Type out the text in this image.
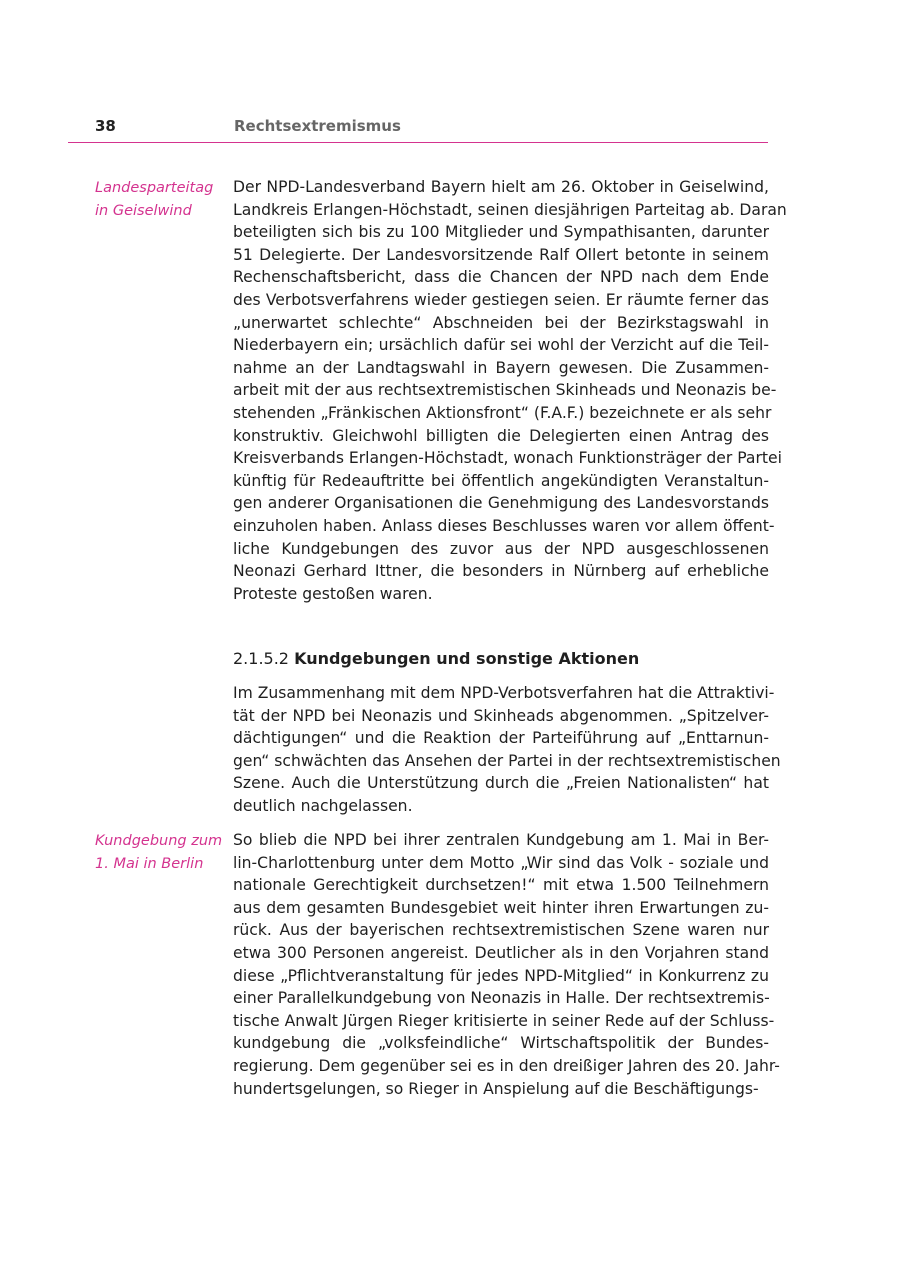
38	Rechtsextremismus
Landesparteitag
in Geiselwind
Der NPD-Landesverband Bayern hielt am 26. Oktober in Geiselwind,
Landkreis Erlangen-Höchstadt, seinen diesjährigen Parteitag ab. Daran
beteiligten sich bis zu 100 Mitglieder und Sympathisanten, darunter
51 Delegierte. Der Landesvorsitzende Ralf Ollert betonte in seinem
Rechenschaftsbericht, dass die Chancen der NPD nach dem Ende
des Verbotsverfahrens wieder gestiegen seien. Er räumte ferner das
„unerwartet schlechte“ Abschneiden bei der Bezirkstagswahl in
Niederbayern ein; ursächlich dafür sei wohl der Verzicht auf die Teil-
nahme an der Landtagswahl in Bayern gewesen. Die Zusammen-
arbeit mit der aus rechtsextremistischen Skinheads und Neonazis be-
stehenden „Fränkischen Aktionsfront“ (F.A.F.) bezeichnete er als sehr
konstruktiv. Gleichwohl billigten die Delegierten einen Antrag des
Kreisverbands Erlangen-Höchstadt, wonach Funktionsträger der Partei
künftig für Redeauftritte bei öffentlich angekündigten Veranstaltun-
gen anderer Organisationen die Genehmigung des Landesvorstands
einzuholen haben. Anlass dieses Beschlusses waren vor allem öffent-
liche Kundgebungen des zuvor aus der NPD ausgeschlossenen
Neonazi Gerhard Ittner, die besonders in Nürnberg auf erhebliche
Proteste gestoßen waren.
2.1.5.2 Kundgebungen und sonstige Aktionen
Im Zusammenhang mit dem NPD-Verbotsverfahren hat die Attraktivi-
tät der NPD bei Neonazis und Skinheads abgenommen. „Spitzelver-
dächtigungen“ und die Reaktion der Parteiführung auf „Enttarnun-
gen“ schwächten das Ansehen der Partei in der rechtsextremistischen
Szene. Auch die Unterstützung durch die „Freien Nationalisten“ hat
deutlich nachgelassen.
Kundgebung zum
1. Mai in Berlin
So blieb die NPD bei ihrer zentralen Kundgebung am 1. Mai in Ber-
lin-Charlottenburg unter dem Motto „Wir sind das Volk - soziale und
nationale Gerechtigkeit durchsetzen!“ mit etwa 1.500 Teilnehmern
aus dem gesamten Bundesgebiet weit hinter ihren Erwartungen zu-
rück. Aus der bayerischen rechtsextremistischen Szene waren nur
etwa 300 Personen angereist. Deutlicher als in den Vorjahren stand
diese „Pflichtveranstaltung für jedes NPD-Mitglied“ in Konkurrenz zu
einer Parallelkundgebung von Neonazis in Halle. Der rechtsextremis-
tische Anwalt Jürgen Rieger kritisierte in seiner Rede auf der Schluss-
kundgebung die „volksfeindliche“ Wirtschaftspolitik der Bundes-
regierung. Dem gegenüber sei es in den dreißiger Jahren des 20. Jahr-
hundertsgelungen, so Rieger in Anspielung auf die Beschäftigungs-
